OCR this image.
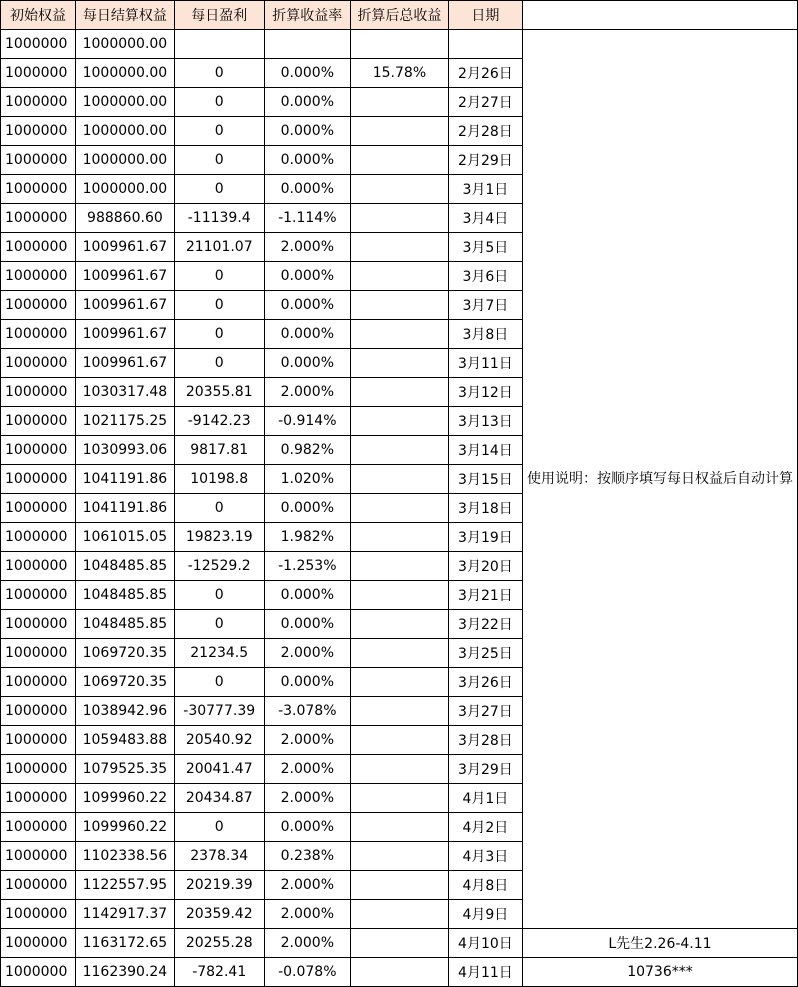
初始权益	每日结算权益	每日盈利	折算收益率	折算后总收益	日期	
1000000	1000000.00					使用说明：按顺序填写每日权益后自动计算
1000000	1000000.00	0	0.000%	15.78%	2月26日	
1000000	1000000.00	0	0.000%		2月27日	
1000000	1000000.00	0	0.000%		2月28日	
1000000	1000000.00	0	0.000%		2月29日	
1000000	1000000.00	0	0.000%		3月1日	
1000000	988860.60	-11139.4	-1.114%		3月4日	
1000000	1009961.67	21101.07	2.000%		3月5日	
1000000	1009961.67	0	0.000%		3月6日	
1000000	1009961.67	0	0.000%		3月7日	
1000000	1009961.67	0	0.000%		3月8日	
1000000	1009961.67	0	0.000%		3月11日	
1000000	1030317.48	20355.81	2.000%		3月12日	
1000000	1021175.25	-9142.23	-0.914%		3月13日	
1000000	1030993.06	9817.81	0.982%		3月14日	
1000000	1041191.86	10198.8	1.020%		3月15日	
1000000	1041191.86	0	0.000%		3月18日	
1000000	1061015.05	19823.19	1.982%		3月19日	
1000000	1048485.85	-12529.2	-1.253%		3月20日	
1000000	1048485.85	0	0.000%		3月21日	
1000000	1048485.85	0	0.000%		3月22日	
1000000	1069720.35	21234.5	2.000%		3月25日	
1000000	1069720.35	0	0.000%		3月26日	
1000000	1038942.96	-30777.39	-3.078%		3月27日	
1000000	1059483.88	20540.92	2.000%		3月28日	
1000000	1079525.35	20041.47	2.000%		3月29日	
1000000	1099960.22	20434.87	2.000%		4月1日	
1000000	1099960.22	0	0.000%		4月2日	
1000000	1102338.56	2378.34	0.238%		4月3日	
1000000	1122557.95	20219.39	2.000%		4月8日	
1000000	1142917.37	20359.42	2.000%		4月9日	
1000000	1163172.65	20255.28	2.000%		4月10日	L先生2.26-4.11
1000000	1162390.24	-782.41	-0.078%		4月11日	10736***
